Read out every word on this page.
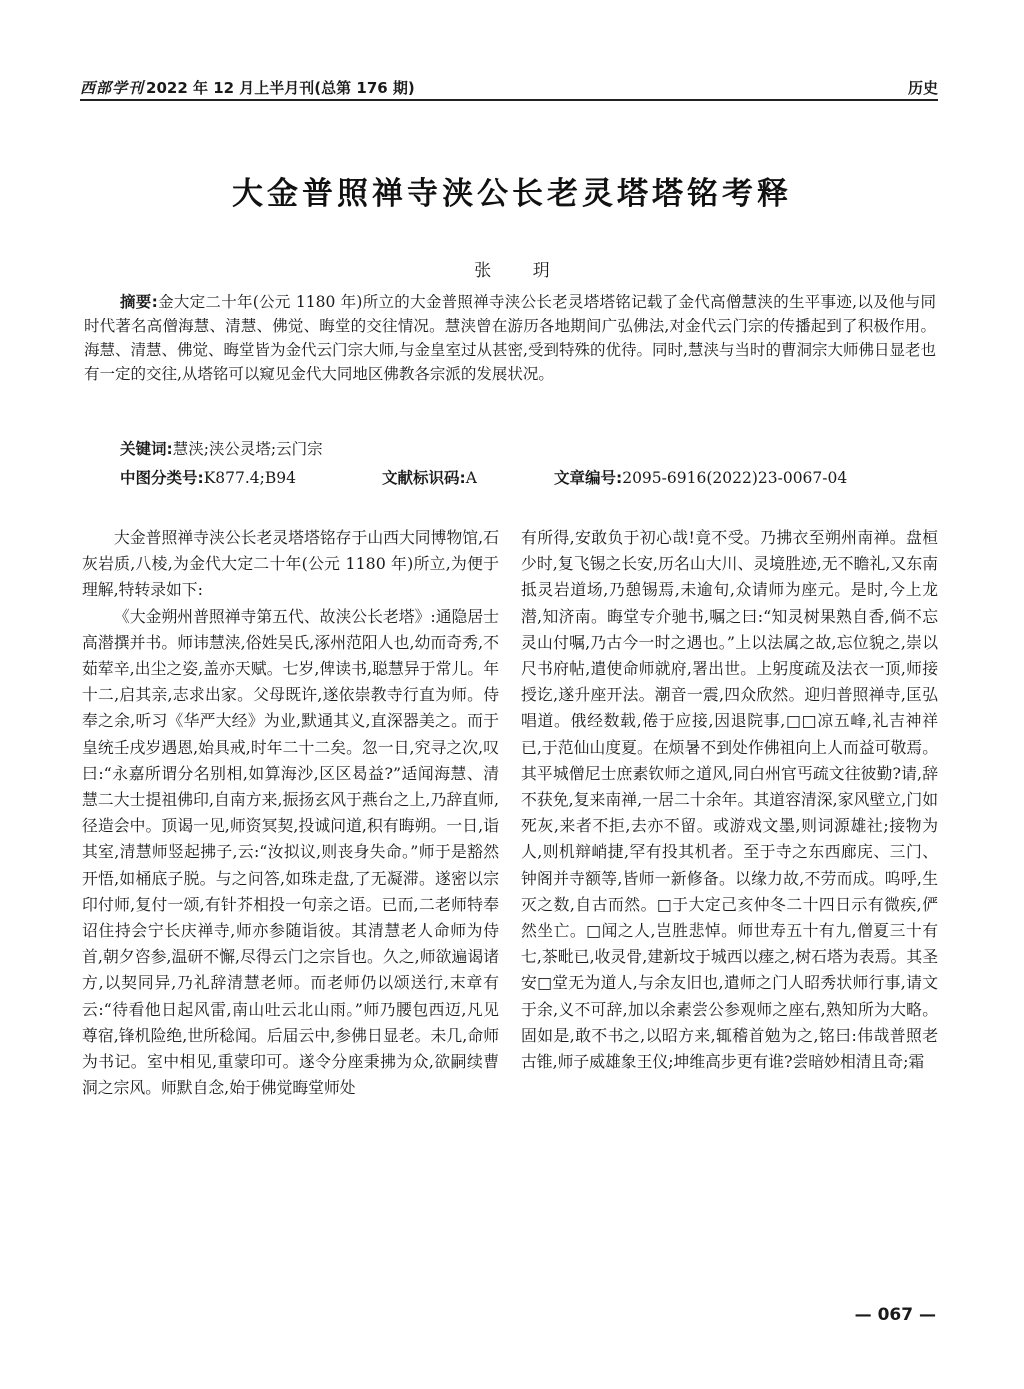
西部学刊 2022 年 12 月上半月刊(总第 176 期)	历史
大金普照禅寺浃公长老灵塔塔铭考释
张 玥

摘要:金大定二十年(公元 1180 年)所立的大金普照禅寺浃公长老灵塔塔铭记载了金代高僧慧浃的生平事迹,以及他与同时代著名高僧海慧、清慧、佛觉、晦堂的交往情况。慧浃曾在游历各地期间广弘佛法,对金代云门宗的传播起到了积极作用。海慧、清慧、佛觉、晦堂皆为金代云门宗大师,与金皇室过从甚密,受到特殊的优待。同时,慧浃与当时的曹洞宗大师佛日显老也有一定的交往,从塔铭可以窥见金代大同地区佛教各宗派的发展状况。

关键词:慧浃;浃公灵塔;云门宗
中图分类号:K877.4;B94	文献标识码:A	文章编号:2095-6916(2022)23-0067-04

大金普照禅寺浃公长老灵塔塔铭存于山西大同博物馆,石灰岩质,八棱,为金代大定二十年(公元 1180 年)所立,为便于理解,特转录如下:

《大金朔州普照禅寺第五代、故浃公长老塔》:通隐居士高潜撰并书。师讳慧浃,俗姓吴氏,涿州范阳人也,幼而奇秀,不茹荤辛,出尘之姿,盖亦天赋。七岁,俾读书,聪慧异于常儿。年十二,启其亲,志求出家。父母既许,遂依崇教寺行直为师。侍奉之余,听习《华严大经》为业,默通其义,直深器美之。而于皇统壬戌岁遇恩,始具戒,时年二十二矣。忽一日,究寻之次,叹曰:“永嘉所谓分名别相,如算海沙,区区曷益?”适闻海慧、清慧二大士提祖佛印,自南方来,振扬玄风于燕台之上,乃辞直师,径造会中。顶谒一见,师资冥契,投诚问道,积有晦朔。一日,诣其室,清慧师竖起拂子,云:“汝拟议,则丧身失命。”师于是豁然开悟,如桶底子脱。与之问答,如珠走盘,了无凝滞。遂密以宗印付师,复付一颂,有针芥相投一句亲之语。已而,二老师特奉诏住持会宁长庆禅寺,师亦参随诣彼。其清慧老人命师为侍首,朝夕咨参,温研不懈,尽得云门之宗旨也。久之,师欲遍谒诸方,以契同异,乃礼辞清慧老师。而老师仍以颂送行,末章有云:“待看他日起风雷,南山吐云北山雨。”师乃腰包西迈,凡见尊宿,锋机险绝,世所稔闻。后届云中,参佛日显老。未几,命师为书记。室中相见,重蒙印可。遂令分座秉拂为众,欲嗣续曹洞之宗风。师默自念,始于佛觉晦堂师处

有所得,安敢负于初心哉!竟不受。乃拂衣至朔州南禅。盘桓少时,复飞锡之长安,历名山大川、灵境胜迹,无不瞻礼,又东南抵灵岩道场,乃憩锡焉,未逾旬,众请师为座元。是时,今上龙潜,知济南。晦堂专介驰书,嘱之曰:“知灵树果熟自香,倘不忘灵山付嘱,乃古今一时之遇也。”上以法属之故,忘位貌之,崇以尺书府帖,遣使命师就府,署出世。上躬度疏及法衣一顶,师接授讫,遂升座开法。潮音一震,四众欣然。迎归普照禅寺,匡弘唱道。俄经数载,倦于应接,因退院事,□□凉五峰,礼吉神祥已,于范仙山度夏。在烦暑不到处作佛祖向上人而益可敬焉。其平城僧尼士庶素钦师之道风,同白州官丐疏文往彼勤?请,辞不获免,复来南禅,一居二十余年。其道容清深,家风壁立,门如死灰,来者不拒,去亦不留。或游戏文墨,则词源雄社;接物为人,则机辩峭捷,罕有投其机者。至于寺之东西廊庑、三门、钟阁并寺额等,皆师一新修备。以缘力故,不劳而成。呜呼,生灭之数,自古而然。□于大定己亥仲冬二十四日示有微疾,俨然坐亡。□闻之人,岂胜悲悼。师世寿五十有九,僧夏三十有七,茶毗已,收灵骨,建新坟于城西以瘗之,树石塔为表焉。其圣安□堂无为道人,与余友旧也,遣师之门人昭秀状师行事,请文于余,义不可辞,加以余素尝公参观师之座右,熟知所为大略。固如是,敢不书之,以昭方来,辄稽首勉为之,铭曰:伟哉普照老古锥,师子威雄象王仪;坤维高步更有谁?尝暗妙相清且奇;霜

— 067 —
